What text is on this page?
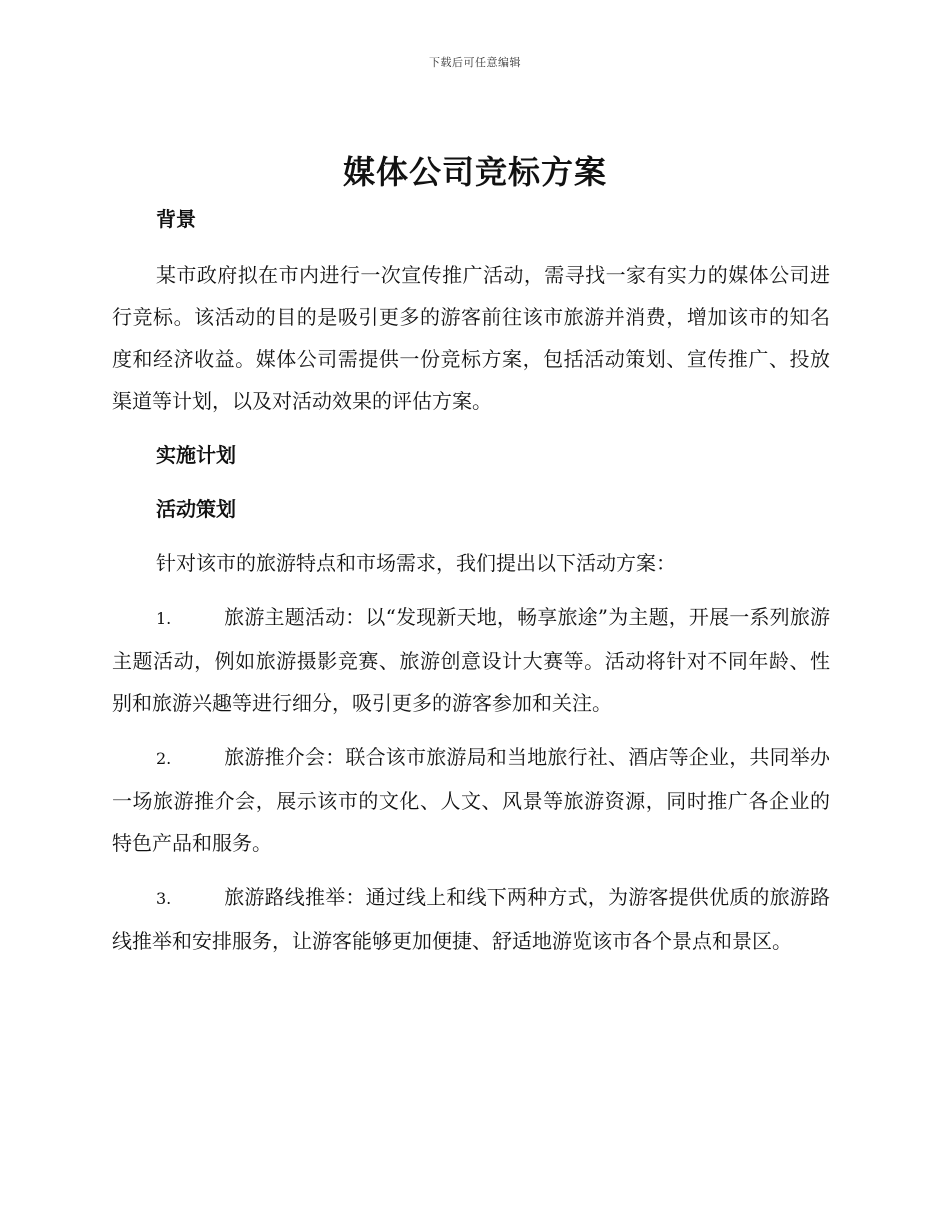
下载后可任意编辑
媒体公司竞标方案

背景

某市政府拟在市内进行一次宣传推广活动，需寻找一家有实力的媒体公司进行竞标。该活动的目的是吸引更多的游客前往该市旅游并消费，增加该市的知名度和经济收益。媒体公司需提供一份竞标方案，包括活动策划、宣传推广、投放渠道等计划，以及对活动效果的评估方案。

实施计划

活动策划

针对该市的旅游特点和市场需求，我们提出以下活动方案：

1.	旅游主题活动：以“发现新天地，畅享旅途”为主题，开展一系列旅游主题活动，例如旅游摄影竞赛、旅游创意设计大赛等。活动将针对不同年龄、性别和旅游兴趣等进行细分，吸引更多的游客参加和关注。

2.	旅游推介会：联合该市旅游局和当地旅行社、酒店等企业，共同举办一场旅游推介会，展示该市的文化、人文、风景等旅游资源，同时推广各企业的特色产品和服务。

3.	旅游路线推举：通过线上和线下两种方式，为游客提供优质的旅游路线推举和安排服务，让游客能够更加便捷、舒适地游览该市各个景点和景区。
